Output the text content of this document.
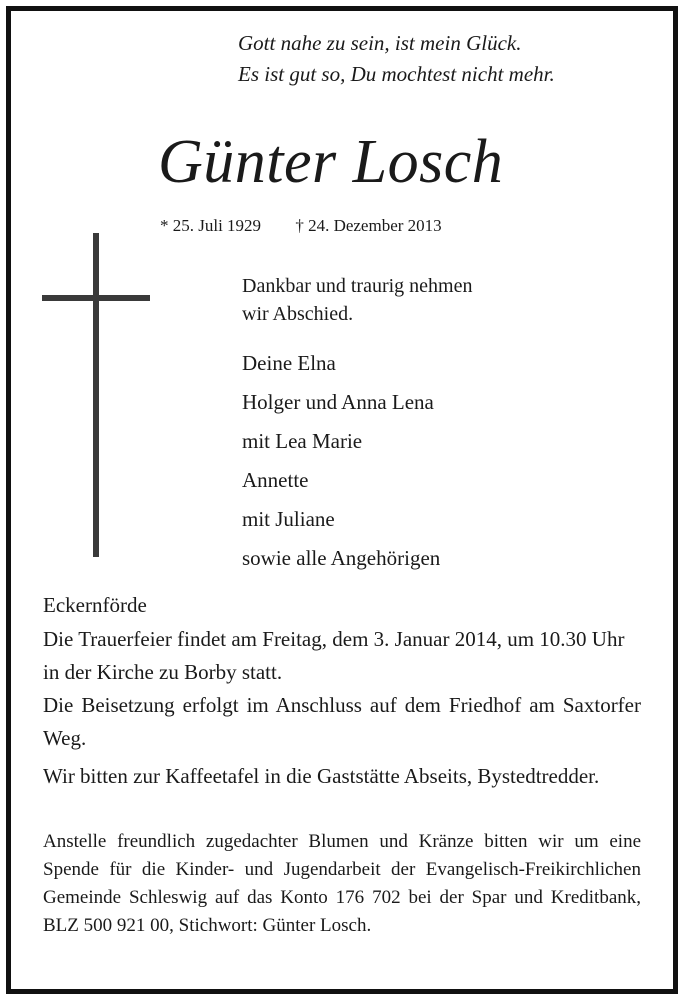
Gott nahe zu sein, ist mein Glück.
Es ist gut so, Du mochtest nicht mehr.
Günter Losch
* 25. Juli 1929 † 24. Dezember 2013
Dankbar und traurig nehmen
wir Abschied.
Deine Elna
Holger und Anna Lena
mit Lea Marie
Annette
mit Juliane
sowie alle Angehörigen
Eckernförde
Die Trauerfeier findet am Freitag, dem 3. Januar 2014, um 10.30 Uhr in der Kirche zu Borby statt.
Die Beisetzung erfolgt im Anschluss auf dem Friedhof am Saxtorfer Weg.
Wir bitten zur Kaffeetafel in die Gaststätte Abseits, Bystedtredder.
Anstelle freundlich zugedachter Blumen und Kränze bitten wir um eine Spende für die Kinder- und Jugendarbeit der Evangelisch-Freikirchlichen Gemeinde Schleswig auf das Konto 176 702 bei der Spar und Kreditbank, BLZ 500 921 00, Stichwort: Günter Losch.
